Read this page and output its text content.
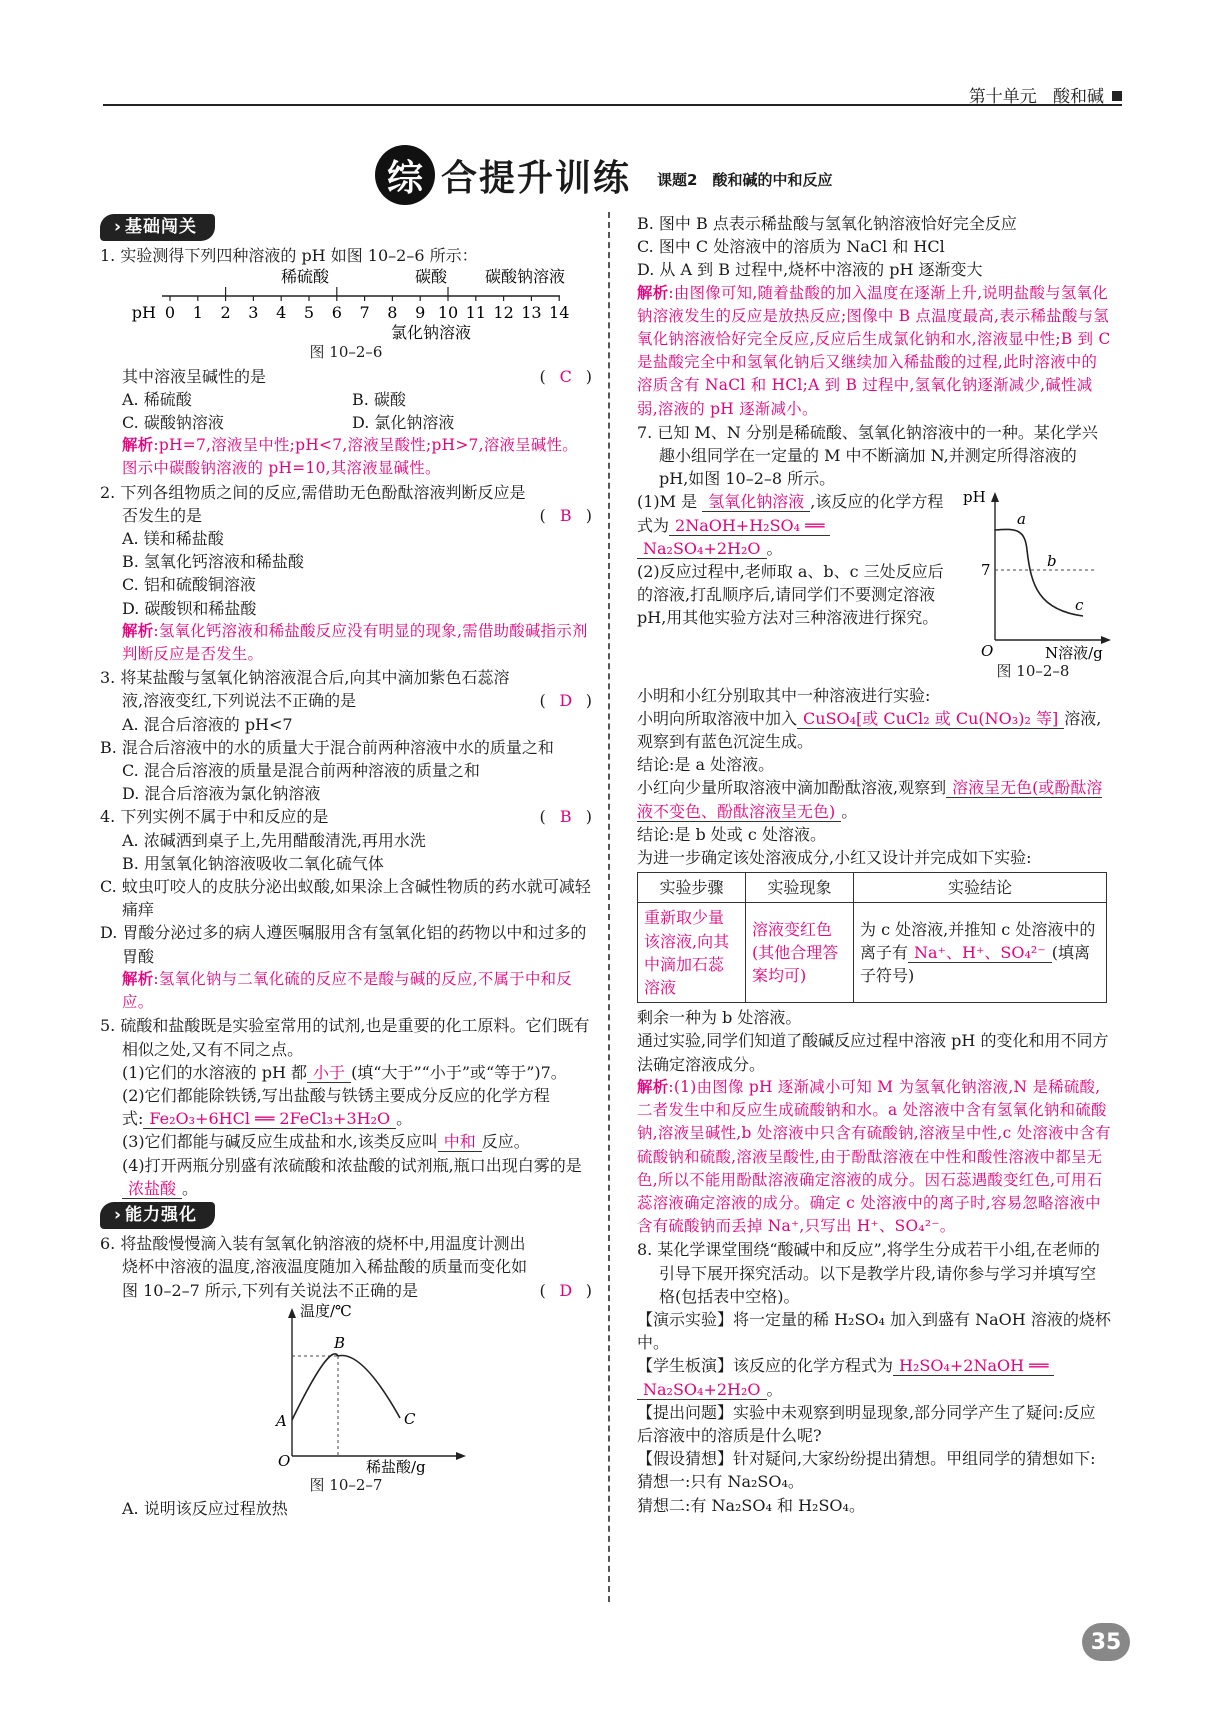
第十单元 酸和碱
综 合提升训练 课题2　酸和碱的中和反应
› 基础闯关

1. 实验测得下列四种溶液的 pH 如图 10–2–6 所示：

稀硫酸	碳酸 碳酸钠溶液
0 1 2 3 4 5 6 7 8 9 10 11 12 13 14
pH
氯化钠溶液
图 10–2–6

其中溶液呈碱性的是	( C )

A. 稀硫酸	B. 碳酸
C. 碳酸钠溶液	D. 氯化钠溶液

解析:pH=7,溶液呈中性;pH<7,溶液呈酸性;pH>7,溶液呈碱性。图示中碳酸钠溶液的 pH=10,其溶液显碱性。

2. 下列各组物质之间的反应,需借助无色酚酞溶液判断反应是

否发生的是	( B )

A. 镁和稀盐酸

B. 氢氧化钙溶液和稀盐酸

C. 铝和硫酸铜溶液

D. 碳酸钡和稀盐酸

解析:氢氧化钙溶液和稀盐酸反应没有明显的现象,需借助酸碱指示剂判断反应是否发生。

3. 将某盐酸与氢氧化钠溶液混合后,向其中滴加紫色石蕊溶

液,溶液变红,下列说法不正确的是	( D )

A. 混合后溶液的 pH<7

B. 混合后溶液中的水的质量大于混合前两种溶液中水的质量之和

C. 混合后溶液的质量是混合前两种溶液的质量之和

D. 混合后溶液为氯化钠溶液

4. 下列实例不属于中和反应的是	( B )

A. 浓碱洒到桌子上,先用醋酸清洗,再用水洗

B. 用氢氧化钠溶液吸收二氧化硫气体

C. 蚊虫叮咬人的皮肤分泌出蚁酸,如果涂上含碱性物质的药水就可减轻痛痒

D. 胃酸分泌过多的病人遵医嘱服用含有氢氧化铝的药物以中和过多的胃酸

解析:氢氧化钠与二氧化硫的反应不是酸与碱的反应,不属于中和反应。

5. 硫酸和盐酸既是实验室常用的试剂,也是重要的化工原料。它们既有相似之处,又有不同之点。

(1)它们的水溶液的 pH 都 小于 (填“大于”“小于”或“等于”)7。

(2)它们都能除铁锈,写出盐酸与铁锈主要成分反应的化学方程式: Fe₂O₃+6HCl ══ 2FeCl₃+3H₂O 。

(3)它们都能与碱反应生成盐和水,该类反应叫 中和 反应。

(4)打开两瓶分别盛有浓硫酸和浓盐酸的试剂瓶,瓶口出现白雾的是浓盐酸 。

› 能力强化

6. 将盐酸慢慢滴入装有氢氧化钠溶液的烧杯中,用温度计测出

烧杯中溶液的温度,溶液温度随加入稀盐酸的质量而变化如

图 10–2–7 所示,下列有关说法不正确的是	( D )

温度/℃
B
A	C
O	稀盐酸/g
图 10–2–7

A. 说明该反应过程放热

B. 图中 B 点表示稀盐酸与氢氧化钠溶液恰好完全反应

C. 图中 C 处溶液中的溶质为 NaCl 和 HCl

D. 从 A 到 B 过程中,烧杯中溶液的 pH 逐渐变大

解析:由图像可知,随着盐酸的加入温度在逐渐上升,说明盐酸与氢氧化钠溶液发生的反应是放热反应;图像中 B 点温度最高,表示稀盐酸与氢氧化钠溶液恰好完全反应,反应后生成氯化钠和水,溶液显中性;B 到 C 是盐酸完全中和氢氧化钠后又继续加入稀盐酸的过程,此时溶液中的溶质含有 NaCl 和 HCl;A 到 B 过程中,氢氧化钠逐渐减少,碱性减弱,溶液的 pH 逐渐减小。

7. 已知 M、N 分别是稀硫酸、氢氧化钠溶液中的一种。某化学兴趣小组同学在一定量的 M 中不断滴加 N,并测定所得溶液的 pH,如图 10–2–8 所示。

(1)M 是 氢氧化钠溶液 ,该反应的化学方程式为 2NaOH+H₂SO₄ ══ Na₂SO₄+2H₂O 。

(2)反应过程中,老师取 a、b、c 三处反应后的溶液,打乱顺序后,请同学们不要测定溶液 pH,用其他实验方法对三种溶液进行探究。

pH
7
a
b
c
O	N溶液/g
图 10–2–8

小明和小红分别取其中一种溶液进行实验:

小明向所取溶液中加入 CuSO₄[或 CuCl₂ 或 Cu(NO₃)₂ 等] 溶液,观察到有蓝色沉淀生成。

结论:是 a 处溶液。

小红向少量所取溶液中滴加酚酞溶液,观察到 溶液呈无色(或酚酞溶液不变色、酚酞溶液呈无色) 。

结论:是 b 处或 c 处溶液。

为进一步确定该处溶液成分,小红又设计并完成如下实验:

实验步骤	实验现象	实验结论
重新取少量该溶液,向其中滴加石蕊溶液	溶液变红色(其他合理答案均可)	为 c 处溶液,并推知 c 处溶液中的离子有 Na⁺、H⁺、SO₄²⁻ (填离子符号)

剩余一种为 b 处溶液。

通过实验,同学们知道了酸碱反应过程中溶液 pH 的变化和用不同方法确定溶液成分。

解析:(1)由图像 pH 逐渐减小可知 M 为氢氧化钠溶液,N 是稀硫酸,二者发生中和反应生成硫酸钠和水。a 处溶液中含有氢氧化钠和硫酸钠,溶液呈碱性,b 处溶液中只含有硫酸钠,溶液呈中性,c 处溶液中含有硫酸钠和硫酸,溶液呈酸性,由于酚酞溶液在中性和酸性溶液中都呈无色,所以不能用酚酞溶液确定溶液的成分。因石蕊遇酸变红色,可用石蕊溶液确定溶液的成分。确定 c 处溶液中的离子时,容易忽略溶液中含有硫酸钠而丢掉 Na⁺,只写出 H⁺、SO₄²⁻。

8. 某化学课堂围绕“酸碱中和反应”,将学生分成若干小组,在老师的引导下展开探究活动。以下是教学片段,请你参与学习并填写空格(包括表中空格)。

【演示实验】将一定量的稀 H₂SO₄ 加入到盛有 NaOH 溶液的烧杯中。

【学生板演】该反应的化学方程式为 H₂SO₄+2NaOH ══ Na₂SO₄+2H₂O 。

【提出问题】实验中未观察到明显现象,部分同学产生了疑问:反应后溶液中的溶质是什么呢?

【假设猜想】针对疑问,大家纷纷提出猜想。甲组同学的猜想如下:

猜想一:只有 Na₂SO₄。

猜想二:有 Na₂SO₄ 和 H₂SO₄。

35
